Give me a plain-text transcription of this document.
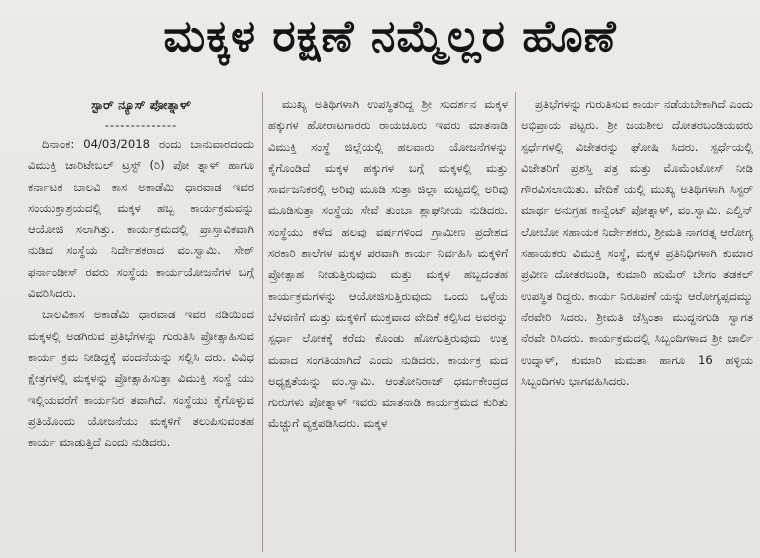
ಮಕ್ಕಳ ರಕ್ಷಣೆ ನಮ್ಮೆಲ್ಲರ ಹೊಣೆ

ಸ್ಟಾರ್ ನ್ಯೂಸ್ ಪೋತ್ನಾಳ್

--------------

ದಿನಾಂಕ: 04/03/2018 ರಂದು ಬಾನುವಾರದಂದು ವಿಮುಕ್ತಿ ಚಾರಿಟೇಬಲ್ ಟ್ರಸ್ಟ್ (ರಿ) ಪೋ ತ್ನಾಳ್ ಹಾಗೂ ಕರ್ನಾಟಕ ಬಾಲವಿ ಕಾಸ ಅಕಾಡೆಮಿ ಧಾರವಾಡ ಇವರ ಸಂಯುಕ್ತಾಶ್ರಯದಲ್ಲಿ ಮಕ್ಕಳ ಹಬ್ಬ ಕಾರ್ಯಕ್ರಮವನ್ನು ಆಯೋಜಿ ಸಲಾಗಿತ್ತು. ಕಾರ್ಯಕ್ರಮದಲ್ಲಿ ಪ್ರಾಸ್ತಾವಿಕವಾಗಿ ನುಡಿದ ಸಂಸ್ಥೆಯ ನಿರ್ದೇಶಕರಾದ ವಂ.ಸ್ವಾಮಿ. ಸೇಠ್ ಫರ್ನಾಂಡೀಸ್ ರವರು ಸಂಸ್ಥೆಯ ಕಾರ್ಯಯೋಜನೆಗಳ ಬಗ್ಗೆ ವಿವರಿಸಿದರು.

ಬಾಲವಿಕಾಸ ಅಕಾಡೆಮಿ ಧಾರವಾಡ ಇವರ ನಡಿಯಿಂದ ಮಕ್ಕಳಲ್ಲಿ ಅಡಗಿರುವ ಪ್ರತಿಭೆಗಳನ್ನು ಗುರುತಿಸಿ ಪ್ರೋತ್ಸಾಹಿಸುವ ಕಾರ್ಯ ಕ್ರಮ ನೀಡಿದ್ದಕ್ಕೆ ವಂದನೆಯನ್ನು ಸಲ್ಲಿಸಿ ದರು. ವಿವಿಧ ಕ್ಷೇತ್ರಗಳಲ್ಲಿ ಮಕ್ಕಳನ್ನು ಪ್ರೋತ್ಸಾಹಿಸುತ್ತಾ ವಿಮುಕ್ತಿ ಸಂಸ್ಥೆ ಯು ಇಲ್ಲಿಯವರೆಗೆ ಕಾರ್ಯನಿರ ತವಾಗಿದೆ. ಸಂಸ್ಥೆಯು ಕೈಗೊಳ್ಳುವ ಪ್ರತಿಯೊಂದು ಯೋಜನೆಯು ಮಕ್ಕಳಿಗೆ ತಲುಪಿಸುವಂತಹ ಕಾರ್ಯ ಮಾಡುತ್ತಿದೆ ಎಂದು ನುಡಿದರು.

ಮುಖ್ಯ ಅತಿಥಿಗಳಾಗಿ ಉಪಸ್ಥಿತರಿದ್ದ ಶ್ರೀ ಸುದರ್ಶನ ಮಕ್ಕಳ ಹಕ್ಕುಗಳ ಹೋರಾಟಗಾರರು ರಾಯಚೂರು ಇವರು ಮಾತನಾಡಿ ವಿಮುಕ್ತಿ ಸಂಸ್ಥೆ ಜಿಲ್ಲೆಯಲ್ಲಿ ಹಲವಾರು ಯೋಜನೆಗಳನ್ನು ಕೈಗೊಂಡಿದೆ ಮಕ್ಕಳ ಹಕ್ಕುಗಳ ಬಗ್ಗೆ ಮಕ್ಕಳಲ್ಲಿ ಮತ್ತು ಸಾರ್ವಜನಿಕರಲ್ಲಿ ಅರಿವು ಮೂಡಿ ಸುತ್ತಾ ಜಿಲ್ಲಾ ಮಟ್ಟದಲ್ಲಿ ಅರಿವು ಮೂಡಿಸುತ್ತಾ ಸಂಸ್ಥೆಯ ಸೇವೆ ತುಂಬಾ ಶ್ಲಾಘನೀಯ ನುಡಿದರು. ಸಂಸ್ಥೆಯು ಕಳೆದ ಹಲವು ವರ್ಷಗಳಿಂದ ಗ್ರಾಮೀಣ ಪ್ರದೇಶದ ಸರಕಾರಿ ಶಾಲೆಗಳ ಮಕ್ಕಳ ಪರವಾಗಿ ಕಾರ್ಯ ನಿರ್ವಹಿಸಿ ಮಕ್ಕಳಿಗೆ ಪ್ರೋತ್ಸಾಹ ನೀಡುತ್ತಿರುವುದು ಮತ್ತು ಮಕ್ಕಳ ಹಬ್ಬದಂತಹ ಕಾರ್ಯಕ್ರಮಗಳನ್ನು ಆಯೋಜಿಸುತ್ತಿರುವುದು ಒಂದು ಒಳ್ಳೆಯ ಬೆಳವಣಿಗೆ ಮತ್ತು ಮಕ್ಕಳಿಗೆ ಮುಕ್ತವಾದ ವೇದಿಕೆ ಕಲ್ಪಿಸಿದ ಅವರನ್ನು ಸ್ಪರ್ಧಾ ಲೋಕಕ್ಕೆ ಕರೆದು ಕೊಂಡು ಹೋಗುತ್ತಿರುವುದು ಉತ್ತ ಮವಾದ ಸಂಗತಿಯಾಗಿದೆ ಎಂದು ನುಡಿದರು. ಕಾರ್ಯಕ್ರ ಮದ ಅಧ್ಯಕ್ಷತೆಯನ್ನು ವಂ.ಸ್ವಾಮಿ. ಆಂತೋನಿರಾಜ್ ಧರ್ಮಕೇಂದ್ರದ ಗುರುಗಳು ಪೋತ್ನಾಳ್ ಇವರು ಮಾತನಾಡಿ ಕಾರ್ಯಕ್ರಮದ ಕುರಿತು ಮೆಚ್ಚುಗೆ ವ್ಯಕ್ತಪಡಿಸಿದರು. ಮಕ್ಕಳ

ಪ್ರತಿಭೆಗಳನ್ನು ಗುರುತಿಸುವ ಕಾರ್ಯ ನಡೆಯಬೇಕಾಗಿದೆ ಎಂದು ಅಭಿಪ್ರಾಯ ಪಟ್ಟರು. ಶ್ರೀ ಜಯಶೀಲ ದೋತರಬಂಡಿಯವರು ಸ್ಪರ್ಧೆಗಳಲ್ಲಿ ವಿಜೇತರನ್ನು ಘೋಷಿ ಸಿದರು. ಸ್ಪರ್ಧೆಯಲ್ಲಿ ವಿಜೇತರಿಗೆ ಪ್ರಶಸ್ತಿ ಪತ್ರ ಮತ್ತು ಮೊಮೆಂಟೋಸ್ ನೀಡಿ ಗೌರವಿಸಲಾಯಿತು. ವೇದಿಕೆ ಯಲ್ಲಿ ಮುಖ್ಯ ಅತಿಥಿಗಳಾಗಿ ಸಿಸ್ಟರ್ ಮಾರ್ಥ ಅನುಗ್ರಹ ಕಾನ್ವೆಂಟ್ ಪೋತ್ನಾಳ್, ವಂ.ಸ್ವಾಮಿ. ಎಲ್ವಿನ್ ಲೋಬೋ ಸಹಾಯಕ ನಿರ್ದೇಶಕರು, ಶ್ರೀಮತಿ ನಾಗರತ್ನ ಆರೋಗ್ಯ ಸಹಾಯಕರು ವಿಮುಕ್ತಿ ಸಂಸ್ಥೆ, ಮಕ್ಕಳ ಪ್ರತಿನಿಧಿಗಳಾಗಿ ಕುಮಾರ ಪ್ರವೀಣ ದೋತರಬಂಡಿ, ಕುಮಾರಿ ಹುಮೆರ್ ಬೇಗಂ ತಡಕಲ್ ಉಪಸ್ಥಿತ ರಿದ್ದರು. ಕಾರ್ಯ ನಿರೂಪಣೆ ಯನ್ನು ಆರೋಗ್ಯಪ್ಪದಮ್ಮು ನೆರವೇರಿ ಸಿದರು. ಶ್ರೀಮತಿ ಜೆಸ್ಸಿಂತಾ ಮುದ್ದನಗುಡಿ ಸ್ವಾಗತ ನೆರವೇ ರಿಸಿದರು. ಕಾರ್ಯಕ್ರಮದಲ್ಲಿ ಸಿಬ್ಬಂದಿಗಳಾದ ಶ್ರೀ ಚಾರ್ಲಿ ಉದ್ನಾಳ್, ಕುಮಾರಿ ಮಮತಾ ಹಾಗೂ 16 ಹಳ್ಳಿಯ ಸಿಬ್ಬಂದಿಗಳು ಭಾಗವಹಿಸಿದರು.
